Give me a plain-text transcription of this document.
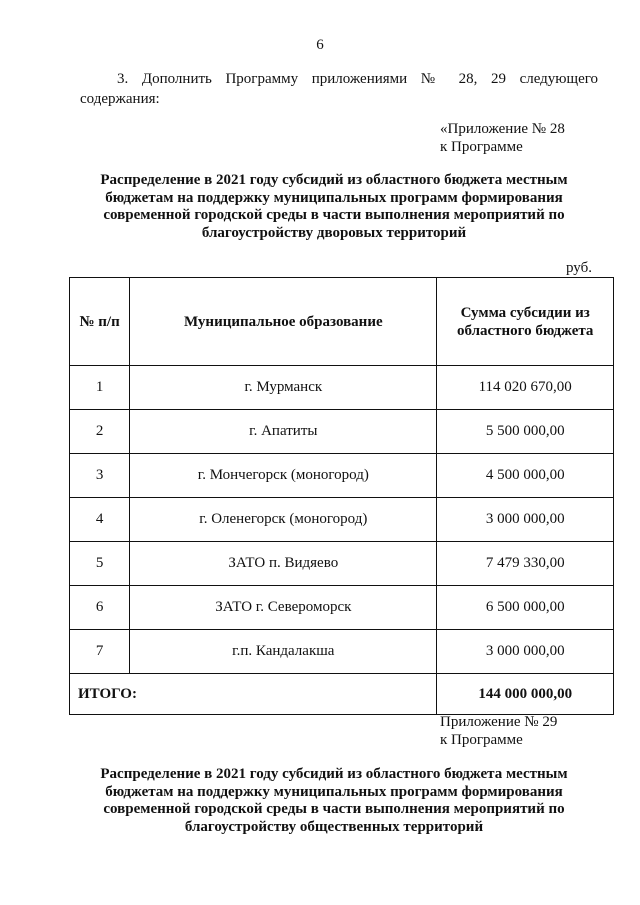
6
3. Дополнить Программу приложениями № 28, 29 следующего содержания:
«Приложение № 28
к Программе
Распределение в 2021 году субсидий из областного бюджета местным бюджетам на поддержку муниципальных программ формирования современной городской среды в части выполнения мероприятий по благоустройству дворовых территорий
руб.
№ п/п	Муниципальное образование	Сумма субсидии из областного бюджета
1	г. Мурманск	114 020 670,00
2	г. Апатиты	5 500 000,00
3	г. Мончегорск (моногород)	4 500 000,00
4	г. Оленегорск (моногород)	3 000 000,00
5	ЗАТО п. Видяево	7 479 330,00
6	ЗАТО г. Североморск	6 500 000,00
7	г.п. Кандалакша	3 000 000,00
ИТОГО:		144 000 000,00
Приложение № 29
к Программе
Распределение в 2021 году субсидий из областного бюджета местным бюджетам на поддержку муниципальных программ формирования современной городской среды в части выполнения мероприятий по благоустройству общественных территорий
